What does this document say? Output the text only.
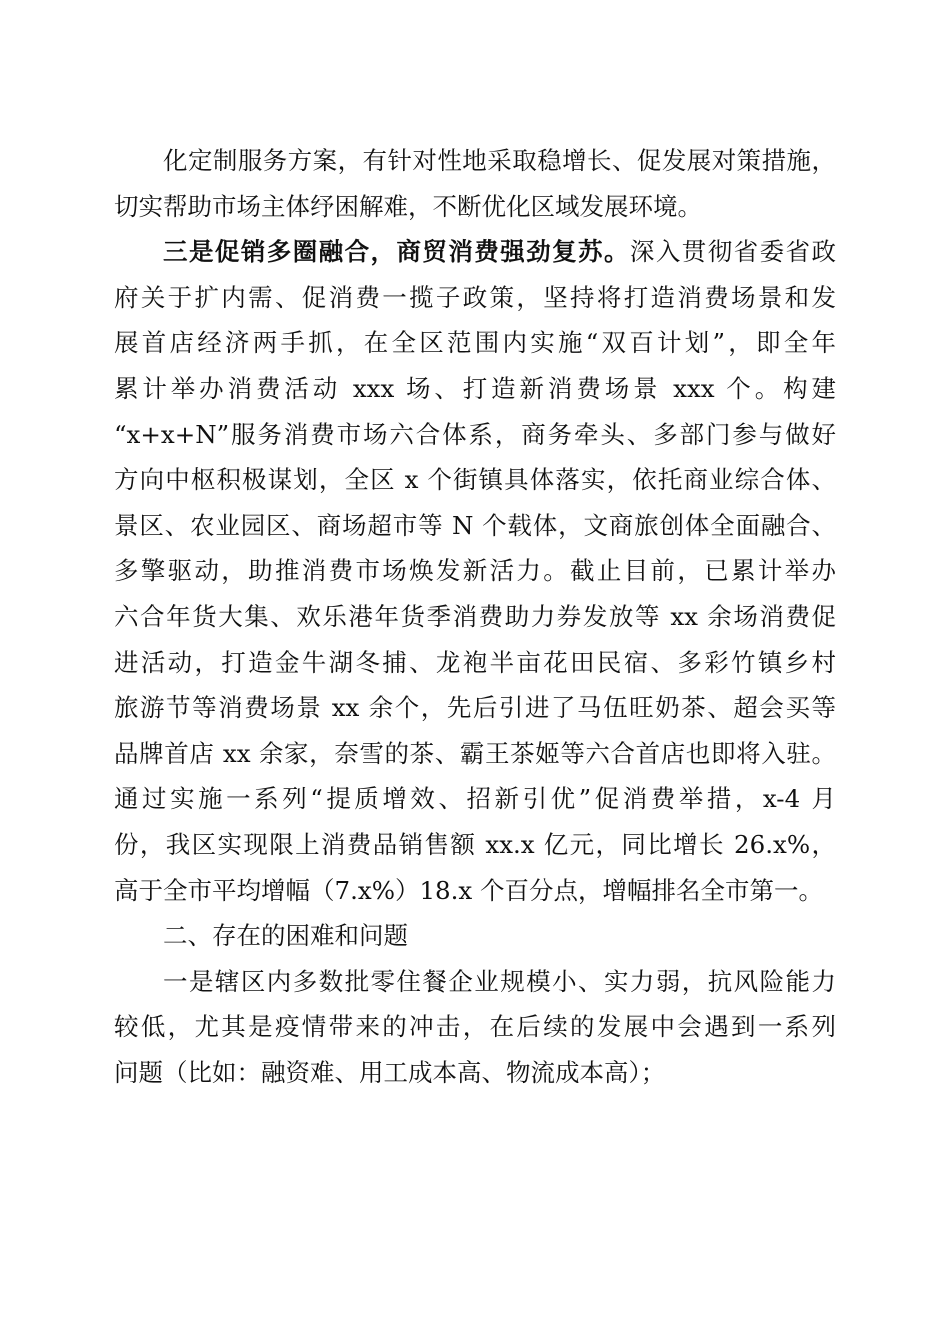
化定制服务方案，有针对性地采取稳增长、促发展对策措施，
切实帮助市场主体纾困解难，不断优化区域发展环境。
三是促销多圈融合，商贸消费强劲复苏。深入贯彻省委省政
府关于扩内需、促消费一揽子政策，坚持将打造消费场景和发
展首店经济两手抓，在全区范围内实施“双百计划”，即全年
累计举办消费活动 xxx 场、打造新消费场景 xxx 个。构建
“x+x+N”服务消费市场六合体系，商务牵头、多部门参与做好
方向中枢积极谋划，全区 x 个街镇具体落实，依托商业综合体、
景区、农业园区、商场超市等 N 个载体，文商旅创体全面融合、
多擎驱动，助推消费市场焕发新活力。截止目前，已累计举办
六合年货大集、欢乐港年货季消费助力券发放等 xx 余场消费促
进活动，打造金牛湖冬捕、龙袍半亩花田民宿、多彩竹镇乡村
旅游节等消费场景 xx 余个，先后引进了马伍旺奶茶、超会买等
品牌首店 xx 余家，奈雪的茶、霸王茶姬等六合首店也即将入驻。
通过实施一系列“提质增效、招新引优”促消费举措，x-4 月
份，我区实现限上消费品销售额 xx.x 亿元，同比增长 26.x%，
高于全市平均增幅（7.x%）18.x 个百分点，增幅排名全市第一。
二、存在的困难和问题
一是辖区内多数批零住餐企业规模小、实力弱，抗风险能力
较低，尤其是疫情带来的冲击，在后续的发展中会遇到一系列
问题（比如：融资难、用工成本高、物流成本高）；
